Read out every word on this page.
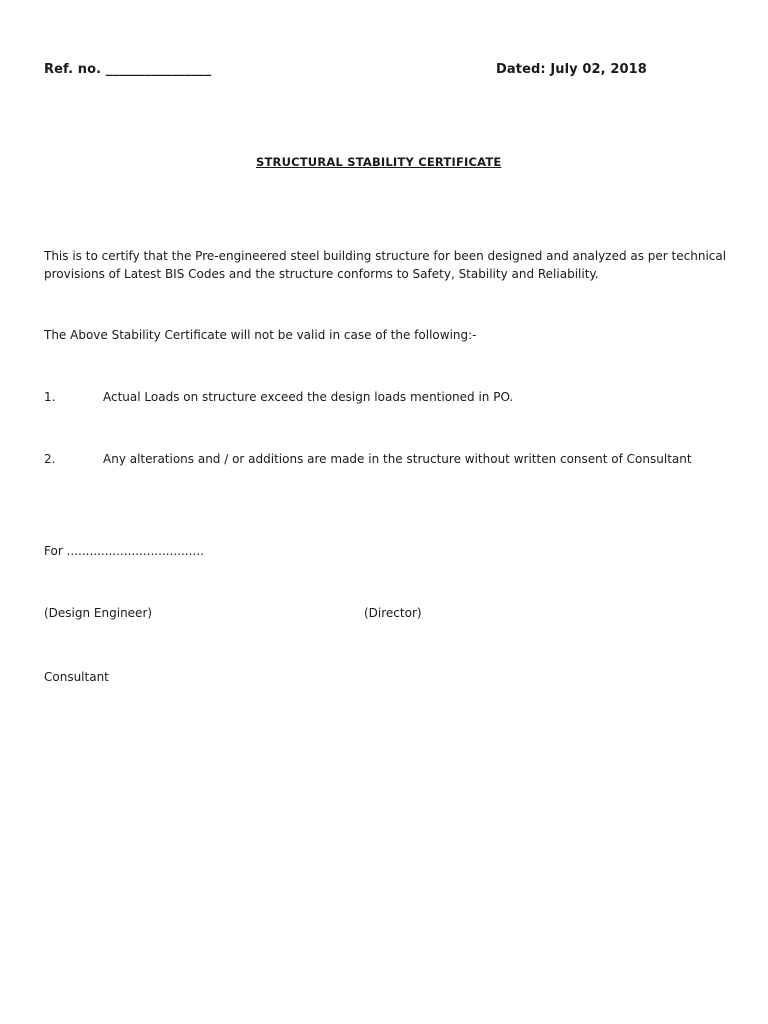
Ref. no. ________________	Dated: July 02, 2018
STRUCTURAL STABILITY CERTIFICATE
This is to certify that the Pre-engineered steel building structure for been designed and analyzed as per technical
provisions of Latest BIS Codes and the structure conforms to Safety, Stability and Reliability.
The Above Stability Certificate will not be valid in case of the following:-
1.	Actual Loads on structure exceed the design loads mentioned in PO.
2.	Any alterations and / or additions are made in the structure without written consent of Consultant
For ....................................
(Design Engineer)	(Director)
Consultant
